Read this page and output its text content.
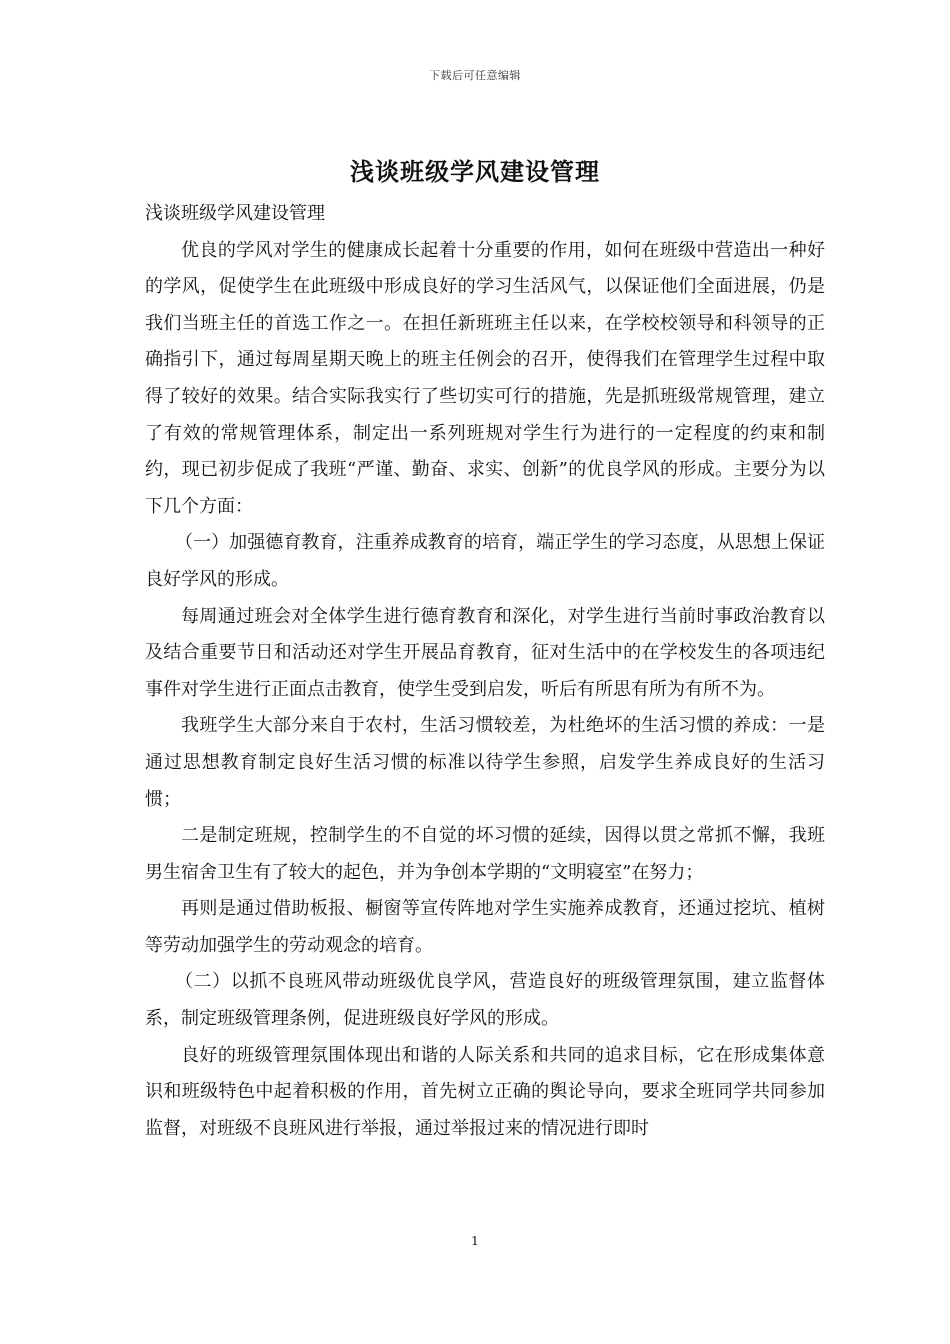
下载后可任意编辑
浅谈班级学风建设管理

浅谈班级学风建设管理

优良的学风对学生的健康成长起着十分重要的作用，如何在班级中营造出一种好的学风，促使学生在此班级中形成良好的学习生活风气，以保证他们全面进展，仍是我们当班主任的首选工作之一。在担任新班班主任以来，在学校校领导和科领导的正确指引下，通过每周星期天晚上的班主任例会的召开，使得我们在管理学生过程中取得了较好的效果。结合实际我实行了些切实可行的措施，先是抓班级常规管理，建立了有效的常规管理体系，制定出一系列班规对学生行为进行的一定程度的约束和制约，现已初步促成了我班“严谨、勤奋、求实、创新”的优良学风的形成。主要分为以下几个方面：

（一）加强德育教育，注重养成教育的培育，端正学生的学习态度，从思想上保证良好学风的形成。

每周通过班会对全体学生进行德育教育和深化，对学生进行当前时事政治教育以及结合重要节日和活动还对学生开展品育教育，征对生活中的在学校发生的各项违纪事件对学生进行正面点击教育，使学生受到启发，听后有所思有所为有所不为。

我班学生大部分来自于农村，生活习惯较差，为杜绝坏的生活习惯的养成：一是通过思想教育制定良好生活习惯的标准以待学生参照，启发学生养成良好的生活习惯；

二是制定班规，控制学生的不自觉的坏习惯的延续，因得以贯之常抓不懈，我班男生宿舍卫生有了较大的起色，并为争创本学期的“文明寝室”在努力；

再则是通过借助板报、橱窗等宣传阵地对学生实施养成教育，还通过挖坑、植树等劳动加强学生的劳动观念的培育。

（二）以抓不良班风带动班级优良学风，营造良好的班级管理氛围，建立监督体系，制定班级管理条例，促进班级良好学风的形成。

良好的班级管理氛围体现出和谐的人际关系和共同的追求目标，它在形成集体意识和班级特色中起着积极的作用，首先树立正确的舆论导向，要求全班同学共同参加监督，对班级不良班风进行举报，通过举报过来的情况进行即时

1
